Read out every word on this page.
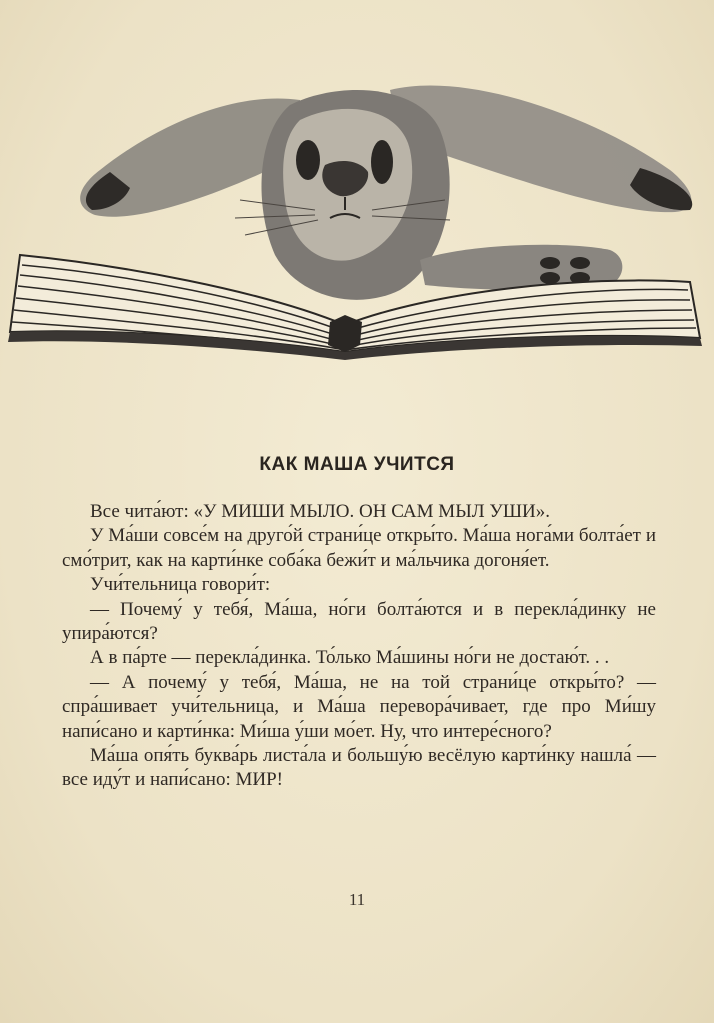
КАК МАША УЧИТСЯ

Все чита́ют: «У МИШИ МЫЛО. ОН САМ МЫЛ УШИ».

У Ма́ши совсе́м на друго́й страни́це откры́то. Ма́ша нога́ми болта́ет и смо́трит, как на карти́нке соба́ка бежи́т и ма́льчика догоня́ет.

Учи́тельница говори́т:

— Почему́ у тебя́, Ма́ша, но́ги болта́ются и в перекла́динку не упира́ются?

А в па́рте — перекла́динка. То́лько Ма́шины но́ги не достаю́т. . .

— А почему́ у тебя́, Ма́ша, не на той страни́це откры́то? — спра́шивает учи́тельница, и Ма́ша перевора́чивает, где про Ми́шу напи́сано и карти́нка: Ми́ша у́ши мо́ет. Ну, что интере́сного?

Ма́ша опя́ть буква́рь листа́ла и большу́ю весёлую карти́нку нашла́ — все иду́т и напи́сано: МИР!

11
